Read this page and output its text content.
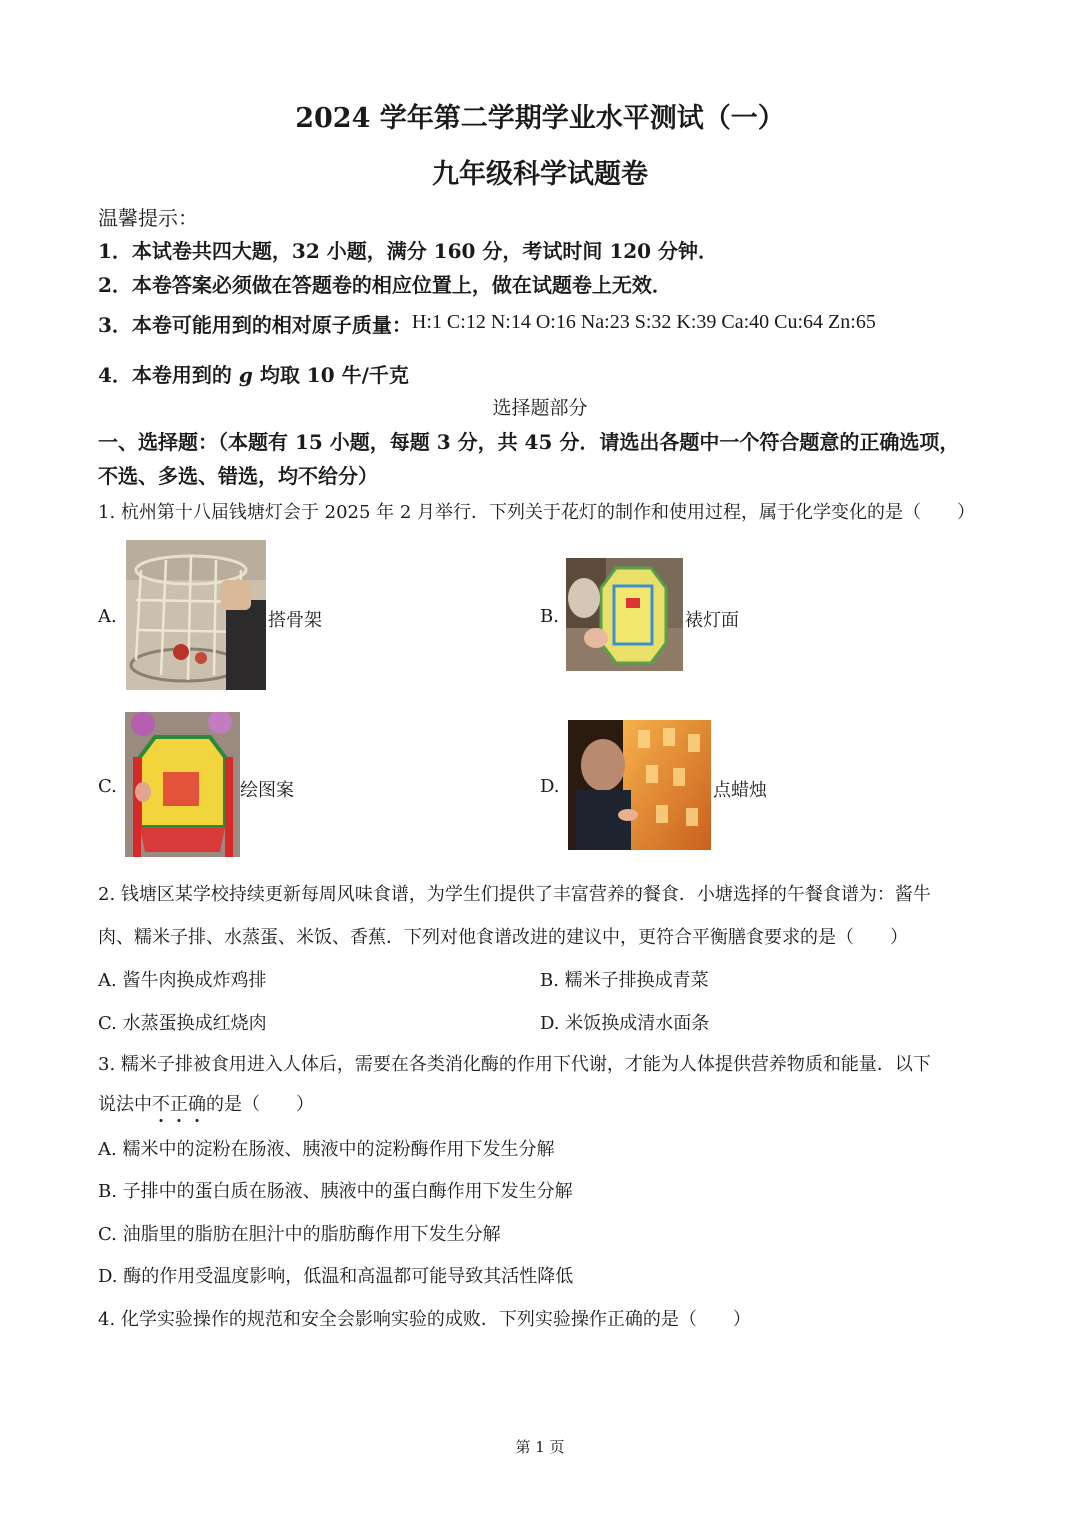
2024 学年第二学期学业水平测试（一）
九年级科学试题卷
温馨提示：
1．本试卷共四大题，32 小题，满分 160 分，考试时间 120 分钟．
2．本卷答案必须做在答题卷的相应位置上，做在试题卷上无效．
3．本卷可能用到的相对原子质量：H:1 C:12 N:14 O:16 Na:23 S:32 K:39 Ca:40 Cu:64 Zn:65
4．本卷用到的 g 均取 10 牛/千克
选择题部分
一、选择题：（本题有 15 小题，每题 3 分，共 45 分．请选出各题中一个符合题意的正确选项，
不选、多选、错选，均不给分）
1. 杭州第十八届钱塘灯会于 2025 年 2 月举行．下列关于花灯的制作和使用过程，属于化学变化的是（　　）
A.	搭骨架	B.	裱灯面
C.	绘图案	D.	点蜡烛
2. 钱塘区某学校持续更新每周风味食谱，为学生们提供了丰富营养的餐食．小塘选择的午餐食谱为：酱牛
肉、糯米子排、水蒸蛋、米饭、香蕉．下列对他食谱改进的建议中，更符合平衡膳食要求的是（　　）
A. 酱牛肉换成炸鸡排	B. 糯米子排换成青菜
C. 水蒸蛋换成红烧肉	D. 米饭换成清水面条
3. 糯米子排被食用进入人体后，需要在各类消化酶的作用下代谢，才能为人体提供营养物质和能量．以下
说法中不正确的是（　　）
A. 糯米中的淀粉在肠液、胰液中的淀粉酶作用下发生分解
B. 子排中的蛋白质在肠液、胰液中的蛋白酶作用下发生分解
C. 油脂里的脂肪在胆汁中的脂肪酶作用下发生分解
D. 酶的作用受温度影响，低温和高温都可能导致其活性降低
4. 化学实验操作的规范和安全会影响实验的成败．下列实验操作正确的是（　　）
第 1 页
